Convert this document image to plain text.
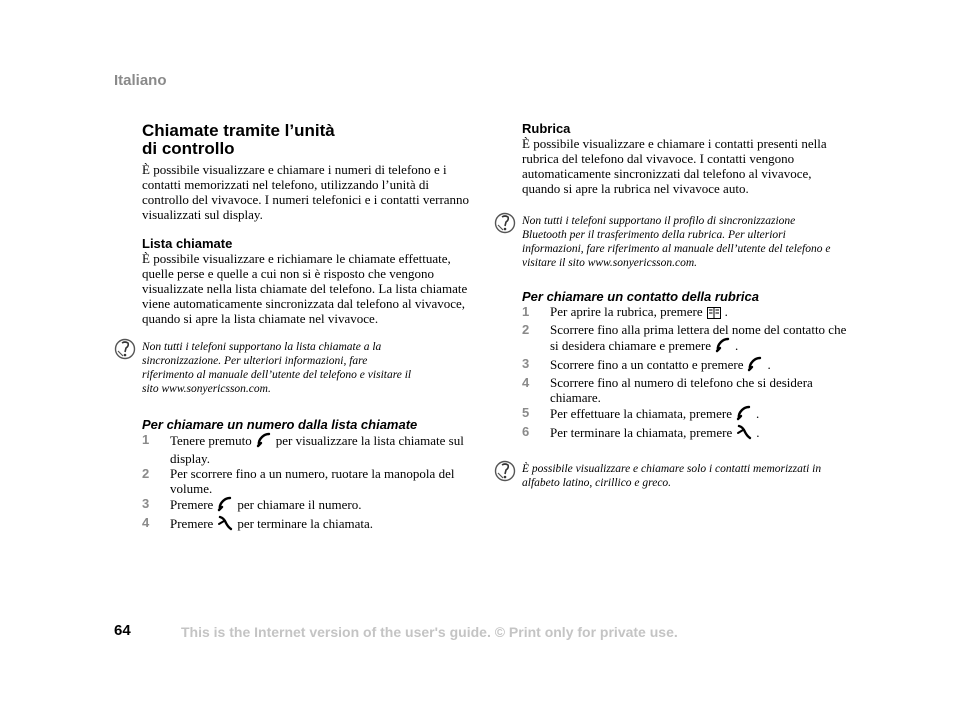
Italiano
Chiamate tramite l’unità
di controllo

È possibile visualizzare e chiamare i numeri di telefono e i contatti memorizzati nel telefono, utilizzando l’unità di controllo del vivavoce. I numeri telefonici e i contatti verranno visualizzati sul display.

Lista chiamate

È possibile visualizzare e richiamare le chiamate effettuate, quelle perse e quelle a cui non si è risposto che vengono visualizzate nella lista chiamate del telefono. La lista chiamate viene automaticamente sincronizzata dal telefono al vivavoce, quando si apre la lista chiamate nel vivavoce.

Non tutti i telefoni supportano la lista chiamate a la sincronizzazione. Per ulteriori informazioni, fare riferimento al manuale dell’utente del telefono e visitare il sito www.sonyericsson.com.
Per chiamare un numero dalla lista chiamate
1	Tenere premuto per visualizzare la lista chiamate sul display.
2	Per scorrere fino a un numero, ruotare la manopola del volume.
3	Premere per chiamare il numero.
4	Premere per terminare la chiamata.
Rubrica

È possibile visualizzare e chiamare i contatti presenti nella rubrica del telefono dal vivavoce. I contatti vengono automaticamente sincronizzati dal telefono al vivavoce, quando si apre la rubrica nel vivavoce auto.

Non tutti i telefoni supportano il profilo di sincronizzazione Bluetooth per il trasferimento della rubrica. Per ulteriori informazioni, fare riferimento al manuale dell’utente del telefono e visitare il sito www.sonyericsson.com.
Per chiamare un contatto della rubrica
1	Per aprire la rubrica, premere .
2	Scorrere fino alla prima lettera del nome del contatto che si desidera chiamare e premere .
3	Scorrere fino a un contatto e premere .
4	Scorrere fino al numero di telefono che si desidera chiamare.
5	Per effettuare la chiamata, premere .
6	Per terminare la chiamata, premere .
È possibile visualizzare e chiamare solo i contatti memorizzati in alfabeto latino, cirillico e greco.
64	This is the Internet version of the user's guide. © Print only for private use.
